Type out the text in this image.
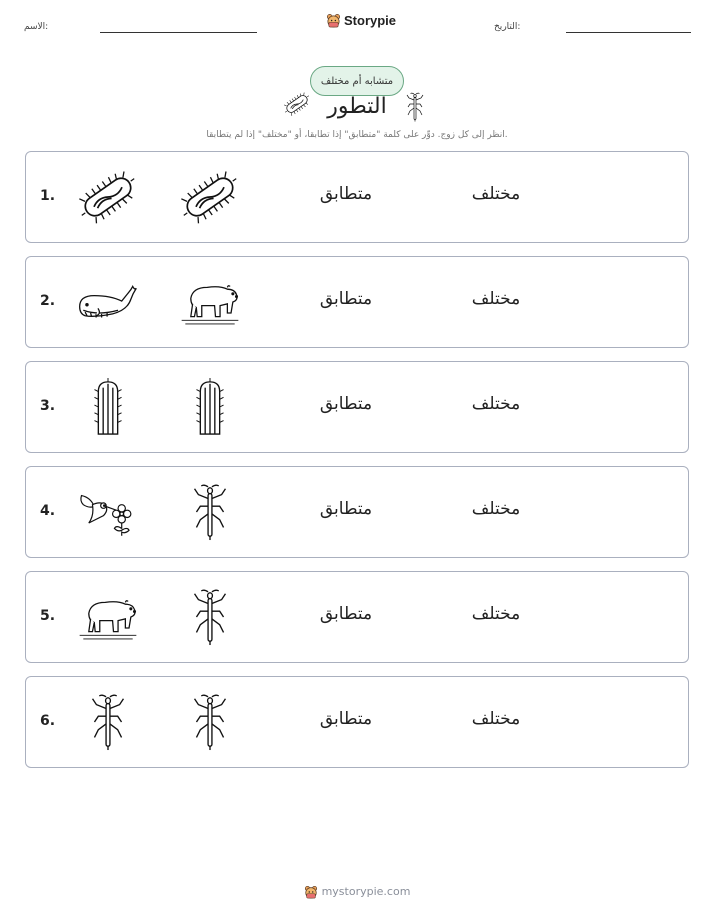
الاسم:	Storypie	التاريخ:
متشابه أم مختلف
التطور
انظر إلى كل زوج. دوِّر على كلمة "متطابق" إذا تطابقا، أو "مختلف" إذا لم يتطابقا.
1.	متطابق	مختلف
2.	متطابق	مختلف
3.	متطابق	مختلف
4.	متطابق	مختلف
5.	متطابق	مختلف
6.	متطابق	مختلف
mystorypie.com
